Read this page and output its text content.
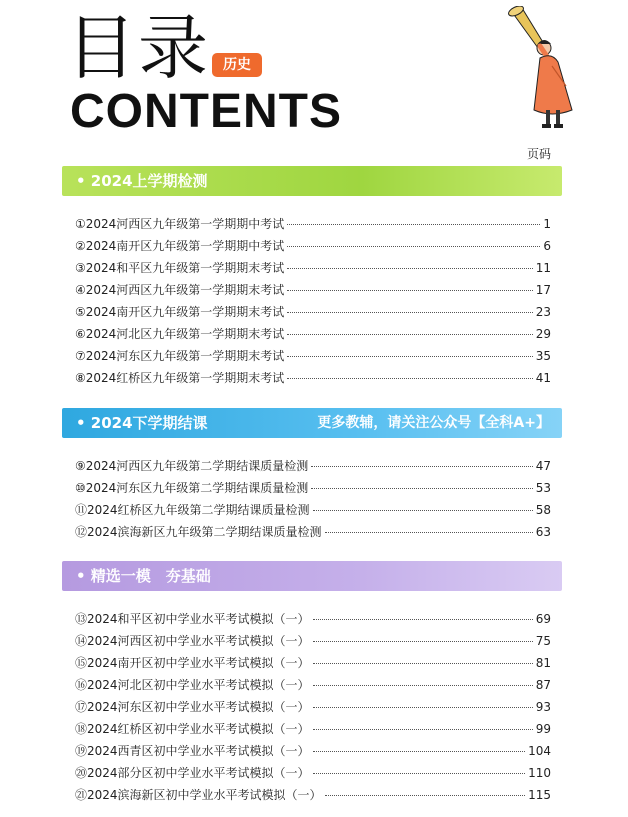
目录 历史
CONTENTS
页码
• 2024上学期检测
①2024河西区九年级第一学期期中考试	1
②2024南开区九年级第一学期期中考试	6
③2024和平区九年级第一学期期末考试	11
④2024河西区九年级第一学期期末考试	17
⑤2024南开区九年级第一学期期末考试	23
⑥2024河北区九年级第一学期期末考试	29
⑦2024河东区九年级第一学期期末考试	35
⑧2024红桥区九年级第一学期期末考试	41
• 2024下学期结课	更多教辅，请关注公众号【全科A+】
⑨2024河西区九年级第二学期结课质量检测	47
⑩2024河东区九年级第二学期结课质量检测	53
⑪2024红桥区九年级第二学期结课质量检测	58
⑫2024滨海新区九年级第二学期结课质量检测	63
• 精选一模　夯基础
⑬2024和平区初中学业水平考试模拟（一）	69
⑭2024河西区初中学业水平考试模拟（一）	75
⑮2024南开区初中学业水平考试模拟（一）	81
⑯2024河北区初中学业水平考试模拟（一）	87
⑰2024河东区初中学业水平考试模拟（一）	93
⑱2024红桥区初中学业水平考试模拟（一）	99
⑲2024西青区初中学业水平考试模拟（一）	104
⑳2024部分区初中学业水平考试模拟（一）	110
㉑2024滨海新区初中学业水平考试模拟（一）	115
